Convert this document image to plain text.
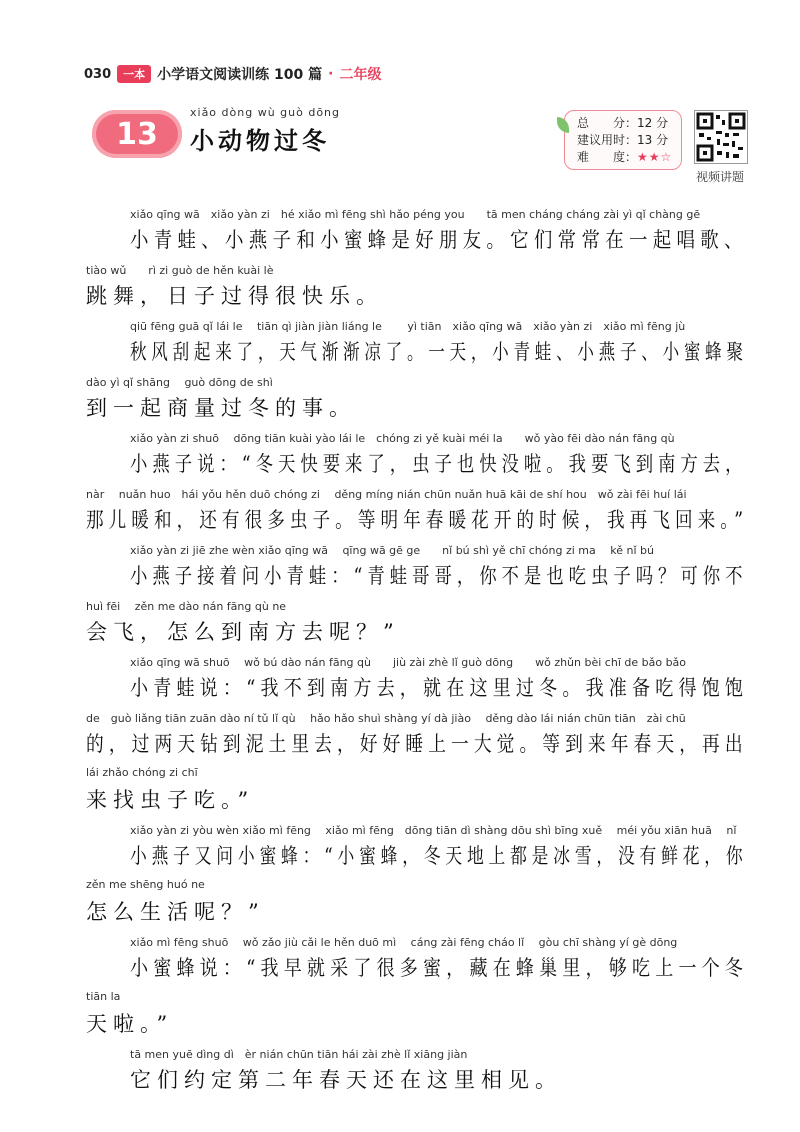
030	一本 小学语文阅读训练 100 篇 · 二年级
13
xiǎo dòng wù guò dōng
小动物过冬
总　　分：12 分
建议用时：13 分
难　　度：★★☆
视频讲题
xiǎo qīng wā　xiǎo yàn zi　hé xiǎo mì fēng shì hǎo péng you　　tā men cháng cháng zài yì qǐ chàng gē
小青蛙、小燕子和小蜜蜂是好朋友。它们常常在一起唱歌、
tiào wǔ　　rì zi guò de hěn kuài lè
跳舞，日子过得很快乐。
qiū fēng guā qǐ lái le　 tiān qì jiàn jiàn liáng le　　 yì tiān　xiǎo qīng wā　xiǎo yàn zi　xiǎo mì fēng jù
秋风刮起来了，天气渐渐凉了。一天，小青蛙、小燕子、小蜜蜂聚
dào yì qǐ shāng　 guò dōng de shì
到一起商量过冬的事。
xiǎo yàn zi shuō　 dōng tiān kuài yào lái le　chóng zi yě kuài méi la　　wǒ yào fēi dào nán fāng qù
小燕子说：“冬天快要来了，虫子也快没啦。我要飞到南方去，
nàr　 nuǎn huo　hái yǒu hěn duō chóng zi　 děng míng nián chūn nuǎn huā kāi de shí hou　wǒ zài fēi huí lái
那儿暖和，还有很多虫子。等明年春暖花开的时候，我再飞回来。”
xiǎo yàn zi jiē zhe wèn xiǎo qīng wā　 qīng wā gē ge　　nǐ bú shì yě chī chóng zi ma　 kě nǐ bú
小燕子接着问小青蛙：“青蛙哥哥，你不是也吃虫子吗？可你不
huì fēi　 zěn me dào nán fāng qù ne
会飞，怎么到南方去呢？”
xiǎo qīng wā shuō　 wǒ bú dào nán fāng qù　　jiù zài zhè lǐ guò dōng　　wǒ zhǔn bèi chī de bǎo bǎo
小青蛙说：“我不到南方去，就在这里过冬。我准备吃得饱饱
de　guò liǎng tiān zuān dào ní tǔ lǐ qù　 hǎo hǎo shuì shàng yí dà jiào　 děng dào lái nián chūn tiān　zài chū
的，过两天钻到泥土里去，好好睡上一大觉。等到来年春天，再出
lái zhǎo chóng zi chī
来找虫子吃。”
xiǎo yàn zi yòu wèn xiǎo mì fēng　 xiǎo mì fēng　dōng tiān dì shàng dōu shì bīng xuě　 méi yǒu xiān huā　 nǐ
小燕子又问小蜜蜂：“小蜜蜂，冬天地上都是冰雪，没有鲜花，你
zěn me shēng huó ne
怎么生活呢？”
xiǎo mì fēng shuō　 wǒ zǎo jiù cǎi le hěn duō mì　 cáng zài fēng cháo lǐ　 gòu chī shàng yí gè dōng
小蜜蜂说：“我早就采了很多蜜，藏在蜂巢里，够吃上一个冬
tiān la
天啦。”
tā men yuē dìng dì　èr nián chūn tiān hái zài zhè lǐ xiāng jiàn
它们约定第二年春天还在这里相见。
